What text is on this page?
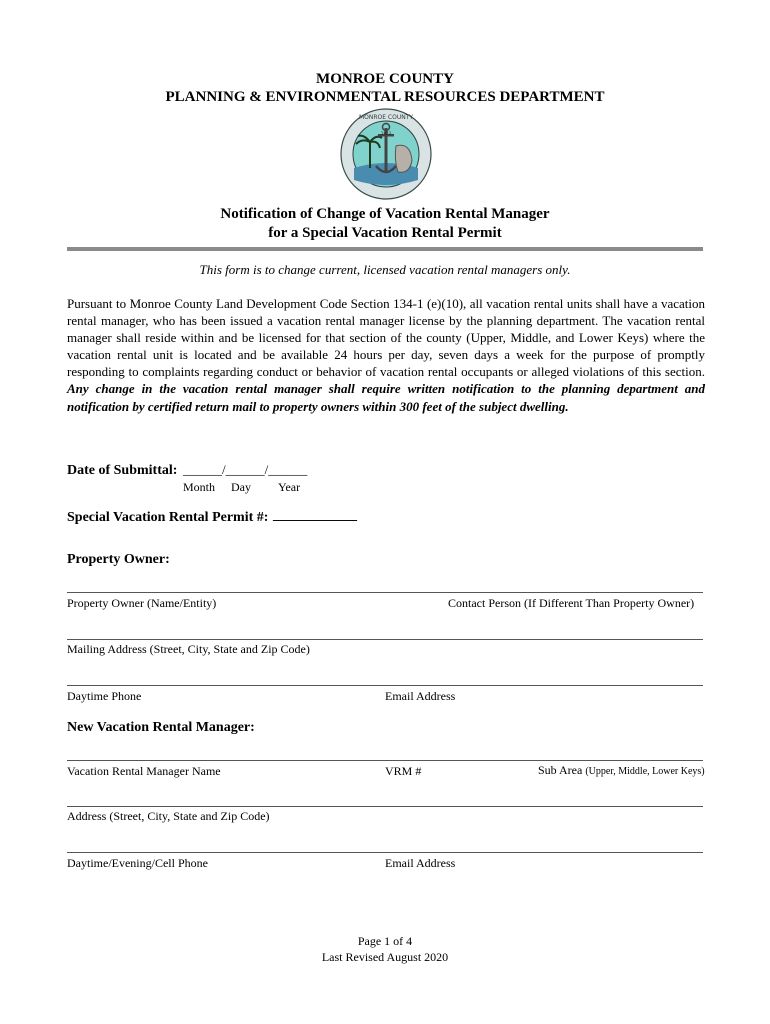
MONROE COUNTY
PLANNING & ENVIRONMENTAL RESOURCES DEPARTMENT
MONROE COUNTY
1823
Notification of Change of Vacation Rental Manager
for a Special Vacation Rental Permit
This form is to change current, licensed vacation rental managers only.
Pursuant to Monroe County Land Development Code Section 134-1 (e)(10), all vacation rental units shall have a vacation rental manager, who has been issued a vacation rental manager license by the planning department. The vacation rental manager shall reside within and be licensed for that section of the county (Upper, Middle, and Lower Keys) where the vacation rental unit is located and be available 24 hours per day, seven days a week for the purpose of promptly responding to complaints regarding conduct or behavior of vacation rental occupants or alleged violations of this section. Any change in the vacation rental manager shall require written notification to the planning department and notification by certified return mail to property owners within 300 feet of the subject dwelling.
Date of Submittal: ______/______/______
Month Day Year
Special Vacation Rental Permit #: ____________
Property Owner:
Property Owner (Name/Entity)	Contact Person (If Different Than Property Owner)
Mailing Address (Street, City, State and Zip Code)
Daytime Phone	Email Address
New Vacation Rental Manager:
Vacation Rental Manager Name	VRM #	Sub Area (Upper, Middle, Lower Keys)
Address (Street, City, State and Zip Code)
Daytime/Evening/Cell Phone	Email Address
Page 1 of 4
Last Revised August 2020
